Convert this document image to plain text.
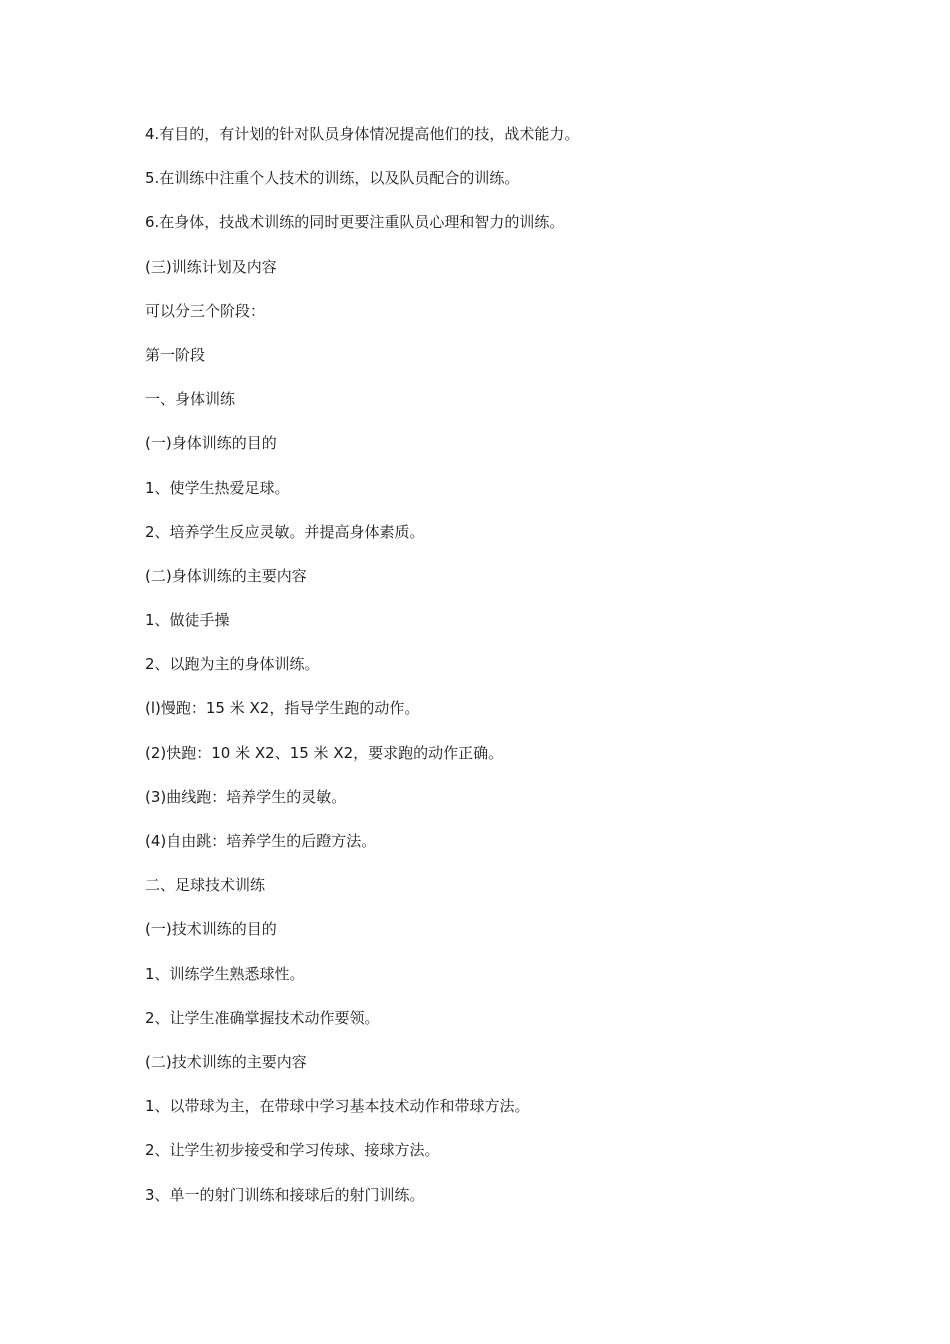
4.有目的，有计划的针对队员身体情况提高他们的技，战术能力。

5.在训练中注重个人技术的训练，以及队员配合的训练。

6.在身体，技战术训练的同时更要注重队员心理和智力的训练。

(三)训练计划及内容

可以分三个阶段：

第一阶段

一、身体训练

(一)身体训练的目的

1、使学生热爱足球。

2、培养学生反应灵敏。并提高身体素质。

(二)身体训练的主要内容

1、做徒手操

2、以跑为主的身体训练。

(l)慢跑：15 米 X2，指导学生跑的动作。

(2)快跑：10 米 X2、15 米 X2，要求跑的动作正确。

(3)曲线跑：培养学生的灵敏。

(4)自由跳：培养学生的后蹬方法。

二、足球技术训练

(一)技术训练的目的

1、训练学生熟悉球性。

2、让学生准确掌握技术动作要领。

(二)技术训练的主要内容

1、以带球为主，在带球中学习基本技术动作和带球方法。

2、让学生初步接受和学习传球、接球方法。

3、单一的射门训练和接球后的射门训练。
